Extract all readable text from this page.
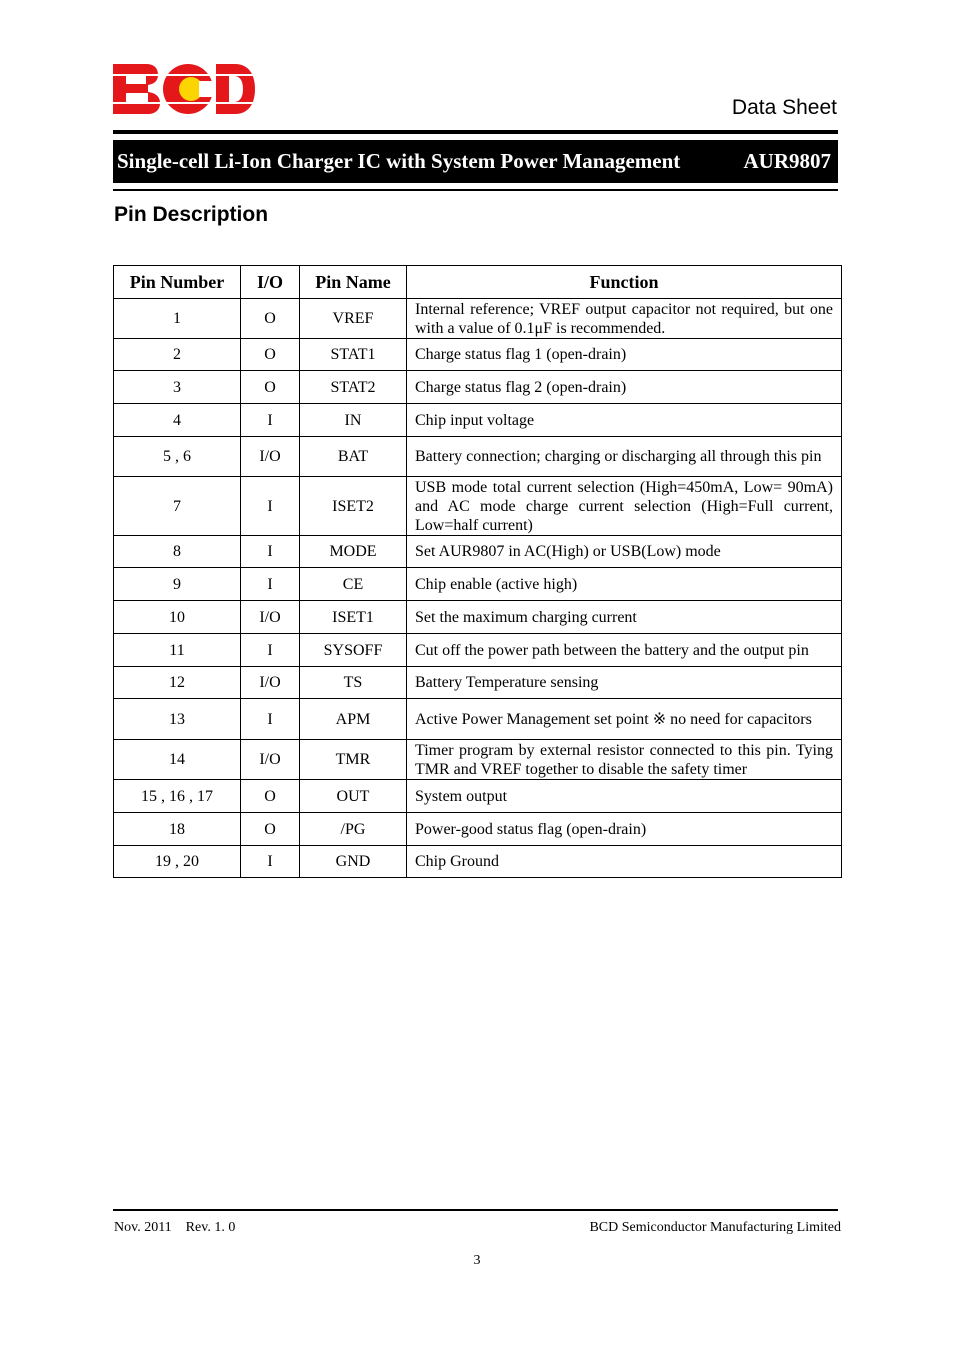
Data Sheet
Single-cell Li-Ion Charger IC with System Power Management	AUR9807
Pin Description
Pin Number	I/O	Pin Name	Function
1	O	VREF	Internal reference; VREF output capacitor not required, but one with a value of 0.1μF is recommended.
2	O	STAT1	Charge status flag 1 (open-drain)
3	O	STAT2	Charge status flag 2 (open-drain)
4	I	IN	Chip input voltage
5 , 6	I/O	BAT	Battery connection; charging or discharging all through this pin
7	I	ISET2	USB mode total current selection (High=450mA, Low= 90mA) and AC mode charge current selection (High=Full current, Low=half current)
8	I	MODE	Set AUR9807 in AC(High) or USB(Low) mode
9	I	CE	Chip enable (active high)
10	I/O	ISET1	Set the maximum charging current
11	I	SYSOFF	Cut off the power path between the battery and the output pin
12	I/O	TS	Battery Temperature sensing
13	I	APM	Active Power Management set point ※ no need for capacitors
14	I/O	TMR	Timer program by external resistor connected to this pin. Tying TMR and VREF together to disable the safety timer
15 , 16 , 17	O	OUT	System output
18	O	/PG	Power-good status flag (open-drain)
19 , 20	I	GND	Chip Ground
Nov. 2011    Rev. 1. 0	BCD Semiconductor Manufacturing Limited
3
